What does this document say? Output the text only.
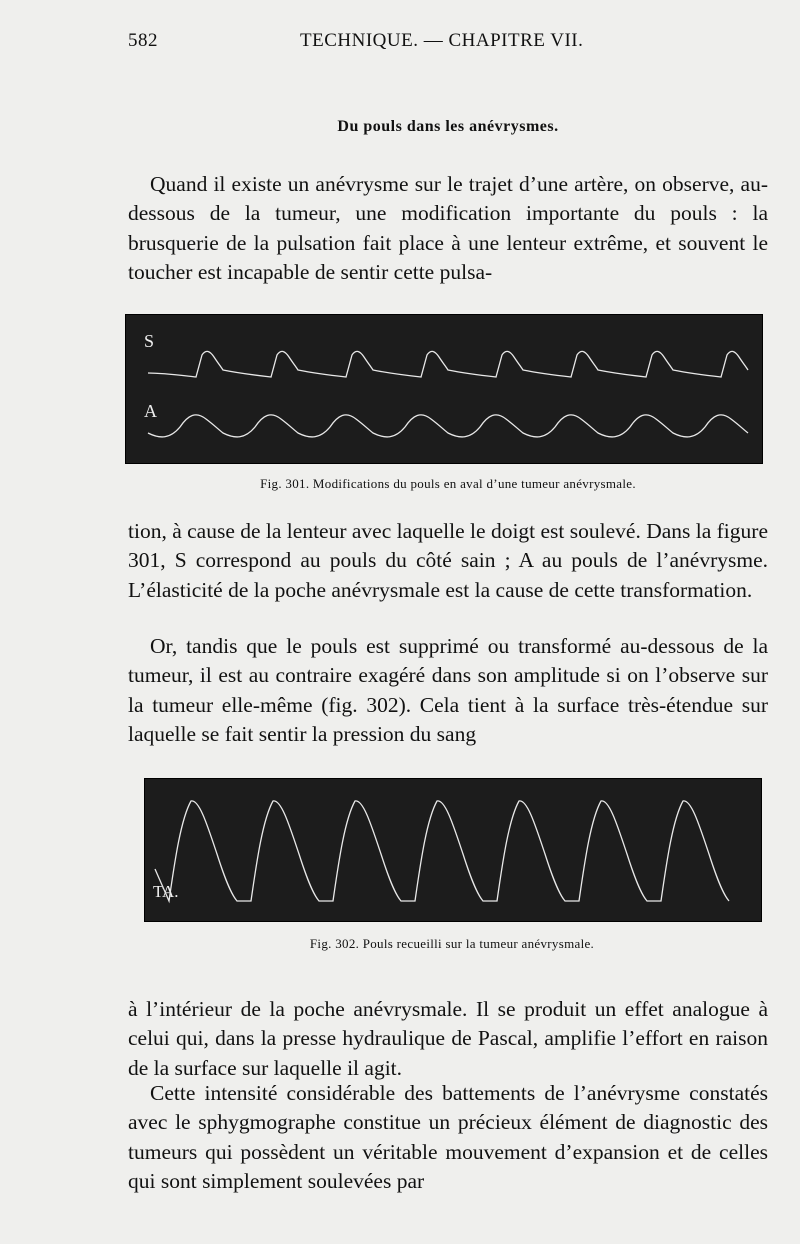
582	TECHNIQUE. — CHAPITRE VII.
Du pouls dans les anévrysmes.

Quand il existe un anévrysme sur le trajet d’une artère, on observe, au-dessous de la tumeur, une modification importante du pouls : la brusquerie de la pulsation fait place à une lenteur extrême, et souvent le toucher est incapable de sentir cette pulsa-

S
A
Fig. 301. Modifications du pouls en aval d’une tumeur anévrysmale.

tion, à cause de la lenteur avec laquelle le doigt est soulevé. Dans la figure 301, S correspond au pouls du côté sain ; A au pouls de l’anévrysme. L’élasticité de la poche anévrysmale est la cause de cette transformation.

Or, tandis que le pouls est supprimé ou transformé au-dessous de la tumeur, il est au contraire exagéré dans son amplitude si on l’observe sur la tumeur elle-même (fig. 302). Cela tient à la surface très-étendue sur laquelle se fait sentir la pression du sang

TA.
Fig. 302. Pouls recueilli sur la tumeur anévrysmale.

à l’intérieur de la poche anévrysmale. Il se produit un effet analogue à celui qui, dans la presse hydraulique de Pascal, amplifie l’effort en raison de la surface sur laquelle il agit.

Cette intensité considérable des battements de l’anévrysme constatés avec le sphygmographe constitue un précieux élément de diagnostic des tumeurs qui possèdent un véritable mouvement d’expansion et de celles qui sont simplement soulevées par
